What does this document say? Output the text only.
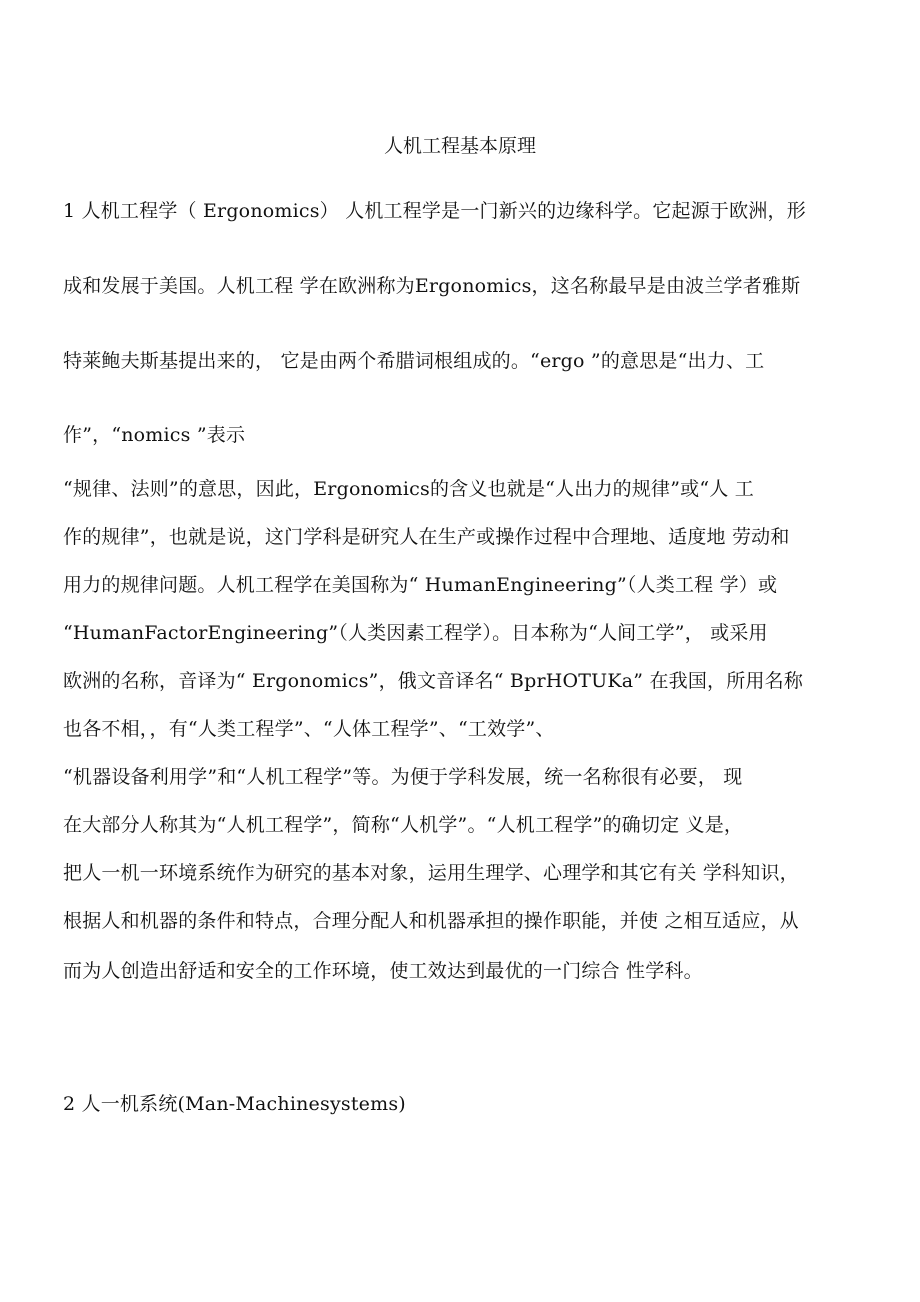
人机工程基本原理
1 人机工程学（ Ergonomics） 人机工程学是一门新兴的边缘科学。它起源于欧洲，形
成和发展于美国。人机工程 学在欧洲称为Ergonomics，这名称最早是由波兰学者雅斯
特莱鲍夫斯基提出来的， 它是由两个希腊词根组成的。“ergo ”的意思是“出力、工
作”，“nomics ”表示
“规律、法则”的意思，因此，Ergonomics的含义也就是“人出力的规律”或“人 工
作的规律”，也就是说，这门学科是研究人在生产或操作过程中合理地、适度地 劳动和
用力的规律问题。人机工程学在美国称为“ HumanEngineering”（人类工程 学）或
“HumanFactorEngineering”（人类因素工程学）。日本称为“人间工学”， 或采用
欧洲的名称，音译为“ Ergonomics”，俄文音译名“ BprHOTUKa” 在我国，所用名称
也各不相，，有“人类工程学”、“人体工程学”、“工效学”、
“机器设备利用学”和“人机工程学”等。为便于学科发展，统一名称很有必要， 现
在大部分人称其为“人机工程学”，简称“人机学”。“人机工程学”的确切定 义是，
把人一机一环境系统作为研究的基本对象，运用生理学、心理学和其它有关 学科知识，
根据人和机器的条件和特点，合理分配人和机器承担的操作职能，并使 之相互适应，从
而为人创造出舒适和安全的工作环境，使工效达到最优的一门综合 性学科。
2 人一机系统(Man-Machinesystems)
